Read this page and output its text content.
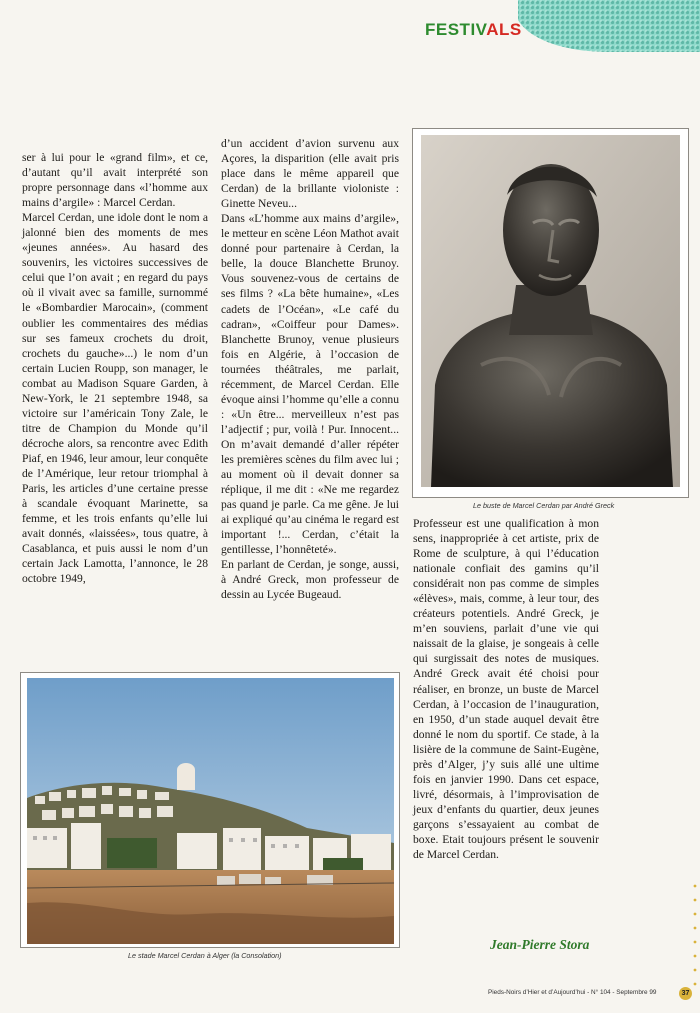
FESTIVALS

ser à lui pour le «grand film», et ce, d’autant qu’il avait interprété son propre personnage dans «l’homme aux mains d’argile» : Marcel Cerdan.

Marcel Cerdan, une idole dont le nom a jalonné bien des moments de mes «jeunes années». Au hasard des souvenirs, les victoires successives de celui que l’on avait ; en regard du pays où il vivait avec sa famille, surnommé le «Bombardier Marocain», (comment oublier les commentaires des médias sur ses fameux crochets du droit, crochets du gauche»...) le nom d’un certain Lucien Roupp, son manager, le combat au Madison Square Garden, à New-York, le 21 septembre 1948, sa victoire sur l’américain Tony Zale, le titre de Champion du Monde qu’il décroche alors, sa rencontre avec Edith Piaf, en 1946, leur amour, leur conquête de l’Amérique, leur retour triomphal à Paris, les articles d’une certaine presse à scandale évoquant Marinette, sa femme, et les trois enfants qu’elle lui avait donnés, «laissées», tous quatre, à Casablanca, et puis aussi le nom d’un certain Jack Lamotta, l’annonce, le 28 octobre 1949,

d’un accident d’avion survenu aux Açores, la disparition (elle avait pris place dans le même appareil que Cerdan) de la brillante violoniste : Ginette Neveu...

Dans «L’homme aux mains d’argile», le metteur en scène Léon Mathot avait donné pour partenaire à Cerdan, la belle, la douce Blanchette Brunoy. Vous souvenez-vous de certains de ses films ? «La bête humaine», «Les cadets de l’Océan», «Le café du cadran», «Coiffeur pour Dames». Blanchette Brunoy, venue plusieurs fois en Algérie, à l’occasion de tournées théâtrales, me parlait, récemment, de Marcel Cerdan. Elle évoque ainsi l’homme qu’elle a connu : «Un être... merveilleux n’est pas l’adjectif ; pur, voilà ! Pur. Innocent... On m’avait demandé d’aller répéter les premières scènes du film avec lui ; au moment où il devait donner sa réplique, il me dit : «Ne me regardez pas quand je parle. Ca me gêne. Je lui ai expliqué qu’au cinéma le regard est important !... Cerdan, c’était la gentillesse, l’honnêteté».

En parlant de Cerdan, je songe, aussi, à André Greck, mon professeur de dessin au Lycée Bugeaud.

Le buste de Marcel Cerdan par André Greck

Professeur est une qualification à mon sens, inappropriée à cet artiste, prix de Rome de sculpture, à qui l’éducation nationale confiait des gamins qu’il considérait non pas comme de simples «élèves», mais, comme, à leur tour, des créateurs potentiels. André Greck, je m’en souviens, parlait d’une vie qui naissait de la glaise, je songeais à celle qui surgissait des notes de musiques. André Greck avait été choisi pour réaliser, en bronze, un buste de Marcel Cerdan, à l’occasion de l’inauguration, en 1950, d’un stade auquel devait être donné le nom du sportif. Ce stade, à la lisière de la commune de Saint-Eugène, près d’Alger, j’y suis allé une ultime fois en janvier 1990. Dans cet espace, livré, désormais, à l’improvisation de jeux d’enfants du quartier, deux jeunes garçons s’essayaient au combat de boxe. Etait toujours présent le souvenir de Marcel Cerdan.

Le stade Marcel Cerdan à Alger (la Consolation)
Jean-Pierre Stora
Pieds-Noirs d’Hier et d’Aujourd’hui - N° 104 - Septembre 99	37
